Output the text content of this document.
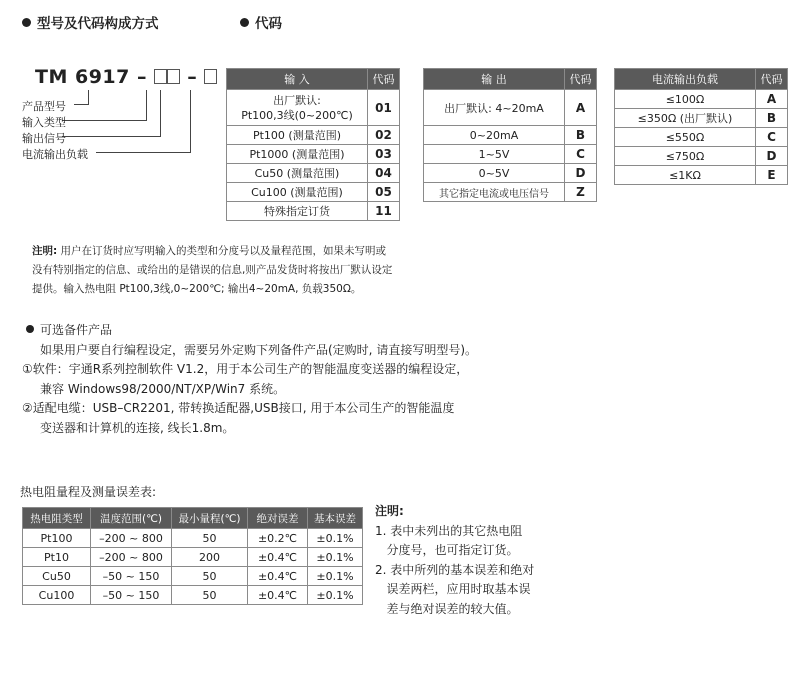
型号及代码构成方式	代码
TM 6917 – –
产品型号
输入类型
输出信号
电流输出负载
输 入	代码
出厂默认:
Pt100,3线(0~200℃)	01
Pt100 (测量范围)	02
Pt1000 (测量范围)	03
Cu50 (测量范围)	04
Cu100 (测量范围)	05
特殊指定订货	11
输 出	代码
出厂默认: 4~20mA	A
0~20mA	B
1~5V	C
0~5V	D
其它指定电流或电压信号	Z
电流输出负载	代码
≤100Ω	A
≤350Ω (出厂默认)	B
≤550Ω	C
≤750Ω	D
≤1KΩ	E
注明: 用户在订货时应写明输入的类型和分度号以及量程范围，如果未写明或
没有特别指定的信息、或给出的是错误的信息,则产品发货时将按出厂默认设定
提供。输入热电阻 Pt100,3线,0~200℃; 输出4~20mA, 负载350Ω。
可选备件产品
如果用户要自行编程设定，需要另外定购下列备件产品(定购时, 请直接写明型号)。
①软件：宇通R系列控制软件 V1.2，用于本公司生产的智能温度变送器的编程设定，
兼容 Windows98/2000/NT/XP/Win7 系统。
②适配电缆：USB–CR2201, 带转换适配器,USB接口, 用于本公司生产的智能温度
变送器和计算机的连接, 线长1.8m。
热电阻量程及测量误差表:
热电阻类型	温度范围(℃)	最小量程(℃)	绝对误差	基本误差
Pt100	–200 ~ 800	50	±0.2℃	±0.1%
Pt10	–200 ~ 800	200	±0.4℃	±0.1%
Cu50	–50 ~ 150	50	±0.4℃	±0.1%
Cu100	–50 ~ 150	50	±0.4℃	±0.1%
注明:
1. 表中未列出的其它热电阻
分度号，也可指定订货。
2. 表中所列的基本误差和绝对
误差两栏，应用时取基本误
差与绝对误差的较大值。
